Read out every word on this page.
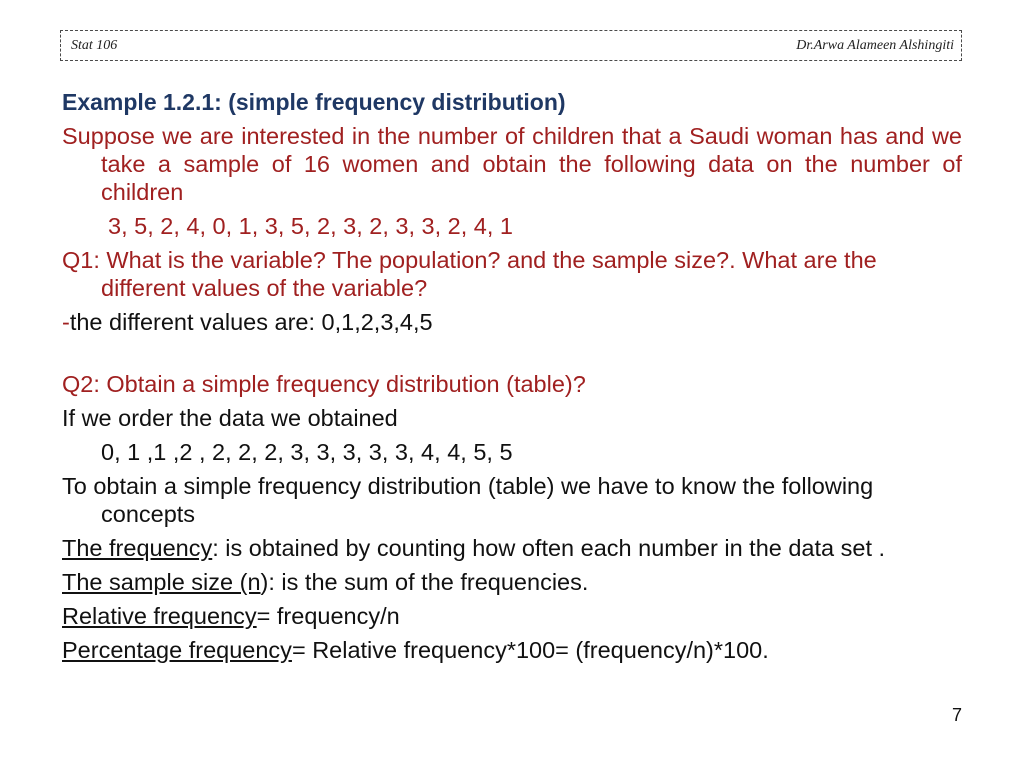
Stat 106	Dr.Arwa Alameen Alshingiti

Example 1.2.1: (simple frequency distribution)

Suppose we are interested in the number of children that a Saudi woman has and we take a sample of 16 women and obtain the following data on the number of children

3, 5, 2, 4, 0, 1, 3, 5, 2, 3, 2, 3, 3, 2, 4, 1

Q1: What is the variable? The population? and the sample size?. What are the different values of the variable?

-the different values are: 0,1,2,3,4,5

Q2: Obtain a simple frequency distribution (table)?

If we order the data we obtained

0, 1 ,1 ,2 , 2, 2, 2, 3, 3, 3, 3, 3, 4, 4, 5, 5

To obtain a simple frequency distribution (table) we have to know the following concepts

The frequency: is obtained by counting how often each number in the data set .

The sample size (n): is the sum of the frequencies.

Relative frequency= frequency/n

Percentage frequency= Relative frequency*100= (frequency/n)*100.

7
